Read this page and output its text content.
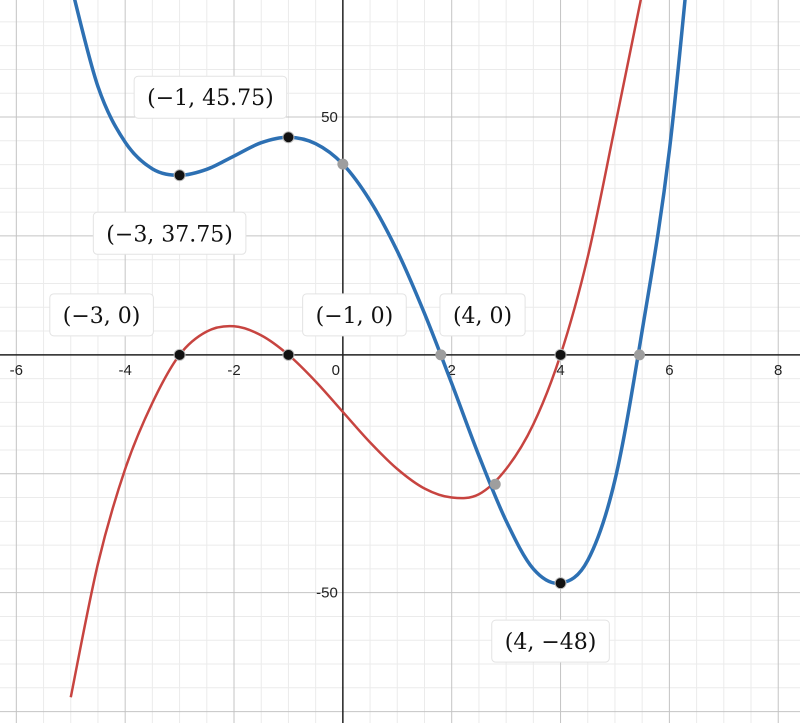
-6	-4	-2	0	2	4	6	8
50
-50
(−3, 0)	(−1, 0)	(4, 0)
(−1, 45.75)
(−3, 37.75)
(4, −48)
